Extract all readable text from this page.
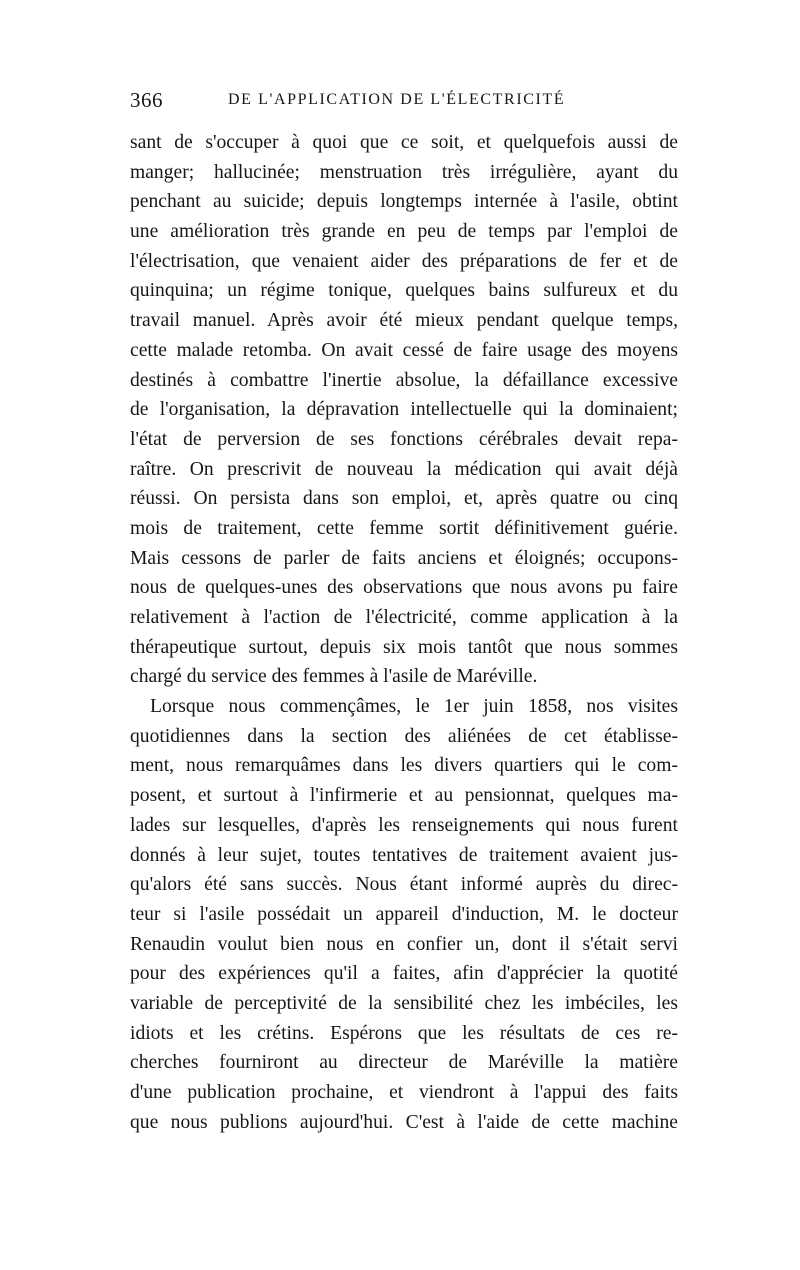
366	DE L'APPLICATION DE L'ÉLECTRICITÉ
sant de s'occuper à quoi que ce soit, et quelquefois aussi de
manger; hallucinée; menstruation très irrégulière, ayant du
penchant au suicide; depuis longtemps internée à l'asile, obtint
une amélioration très grande en peu de temps par l'emploi de
l'électrisation, que venaient aider des préparations de fer et de
quinquina; un régime tonique, quelques bains sulfureux et du
travail manuel. Après avoir été mieux pendant quelque temps,
cette malade retomba. On avait cessé de faire usage des moyens
destinés à combattre l'inertie absolue, la défaillance excessive
de l'organisation, la dépravation intellectuelle qui la dominaient;
l'état de perversion de ses fonctions cérébrales devait repa-
raître. On prescrivit de nouveau la médication qui avait déjà
réussi. On persista dans son emploi, et, après quatre ou cinq
mois de traitement, cette femme sortit définitivement guérie.
Mais cessons de parler de faits anciens et éloignés; occupons-
nous de quelques-unes des observations que nous avons pu faire
relativement à l'action de l'électricité, comme application à la
thérapeutique surtout, depuis six mois tantôt que nous sommes
chargé du service des femmes à l'asile de Maréville.
Lorsque nous commençâmes, le 1er juin 1858, nos visites
quotidiennes dans la section des aliénées de cet établisse-
ment, nous remarquâmes dans les divers quartiers qui le com-
posent, et surtout à l'infirmerie et au pensionnat, quelques ma-
lades sur lesquelles, d'après les renseignements qui nous furent
donnés à leur sujet, toutes tentatives de traitement avaient jus-
qu'alors été sans succès. Nous étant informé auprès du direc-
teur si l'asile possédait un appareil d'induction, M. le docteur
Renaudin voulut bien nous en confier un, dont il s'était servi
pour des expériences qu'il a faites, afin d'apprécier la quotité
variable de perceptivité de la sensibilité chez les imbéciles, les
idiots et les crétins. Espérons que les résultats de ces re-
cherches fourniront au directeur de Maréville la matière
d'une publication prochaine, et viendront à l'appui des faits
que nous publions aujourd'hui. C'est à l'aide de cette machine
